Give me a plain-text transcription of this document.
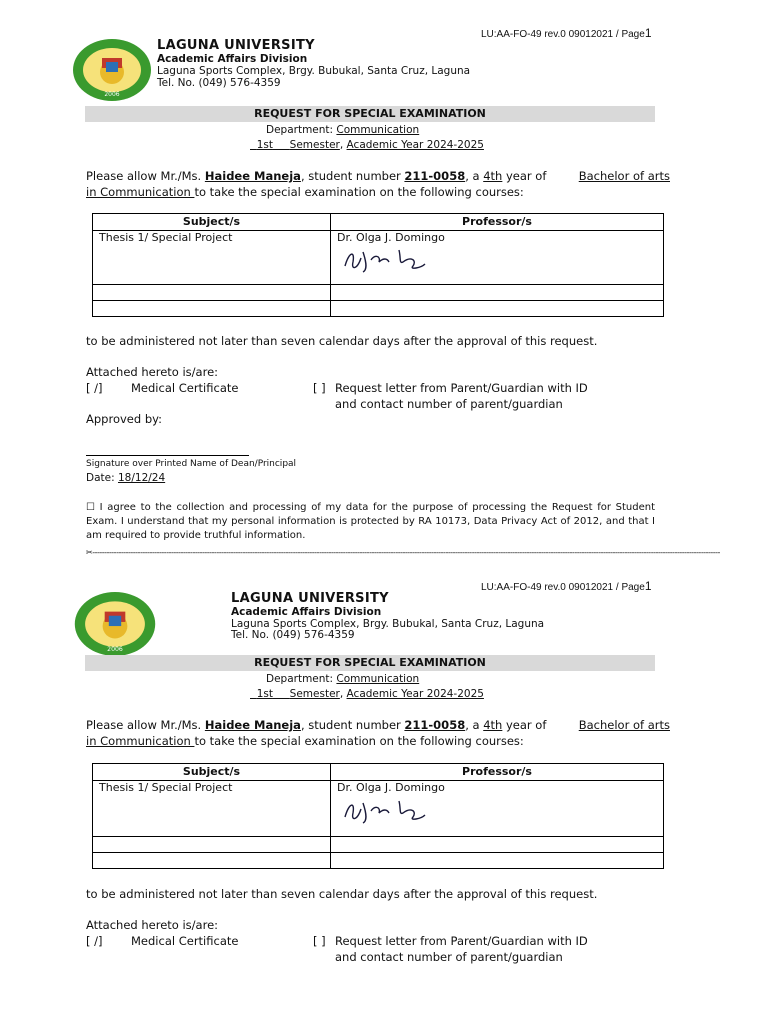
LU:AA-FO-49 rev.0 09012021 / Page1
2006
LAGUNA UNIVERSITY
Academic Affairs Division
Laguna Sports Complex, Brgy. Bubukal, Santa Cruz, Laguna
Tel. No. (049) 576-4359
REQUEST FOR SPECIAL EXAMINATION
Department: Communication
1st Semester, Academic Year 2024-2025
Please allow Mr./Ms. Haidee Maneja, student number 211-0058, a 4th year of	Bachelor of arts

in Communication to take the special examination on the following courses:
Subject/s	Professor/s
Thesis 1/ Special Project	Dr. Olga J. Domingo

to be administered not later than seven calendar days after the approval of this request.
Attached hereto is/are:
[ /] Medical Certificate	[ ] Request letter from Parent/Guardian with ID
and contact number of parent/guardian
Approved by:
Signature over Printed Name of Dean/Principal
Date: 18/12/24
☐ I agree to the collection and processing of my data for the purpose of processing the Request for Student Exam. I understand that my personal information is protected by RA 10173, Data Privacy Act of 2012, and that I am required to provide truthful information.
✂-----------------------------------------------------------------------------------------------------------------------------------------------------------------------------------------------------------------------------------------------------------------------
LU:AA-FO-49 rev.0 09012021 / Page1
2006
LAGUNA UNIVERSITY
Academic Affairs Division
Laguna Sports Complex, Brgy. Bubukal, Santa Cruz, Laguna
Tel. No. (049) 576-4359
REQUEST FOR SPECIAL EXAMINATION
Department: Communication
1st Semester, Academic Year 2024-2025
Please allow Mr./Ms. Haidee Maneja, student number 211-0058, a 4th year of	Bachelor of arts

in Communication to take the special examination on the following courses:
Subject/s	Professor/s
Thesis 1/ Special Project	Dr. Olga J. Domingo

to be administered not later than seven calendar days after the approval of this request.
Attached hereto is/are:
[ /] Medical Certificate	[ ] Request letter from Parent/Guardian with ID
and contact number of parent/guardian
